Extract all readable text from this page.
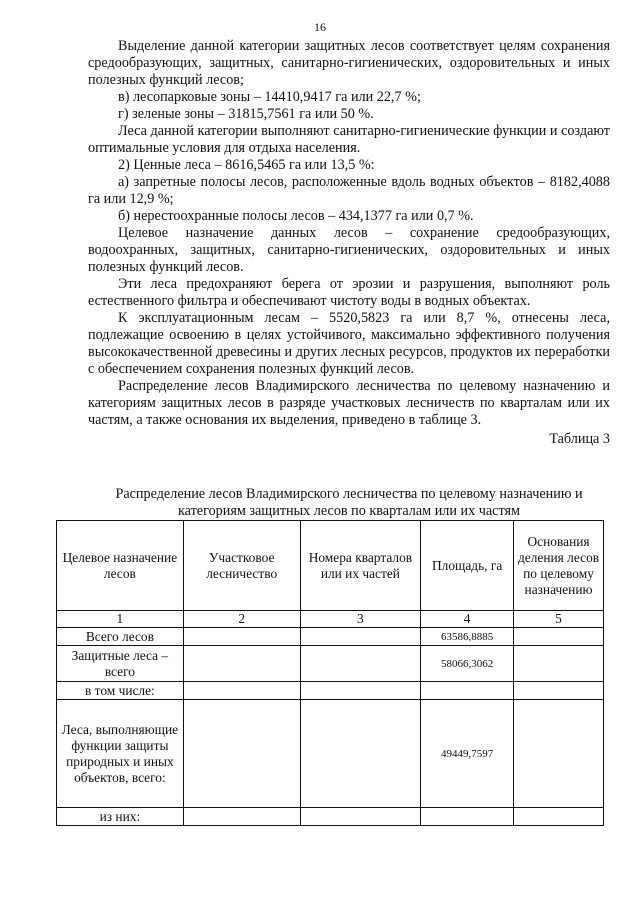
16

Выделение данной категории защитных лесов соответствует целям сохранения средообразующих, защитных, санитарно-гигиенических, оздоровительных и иных полезных функций лесов;

в) лесопарковые зоны – 14410,9417 га или 22,7 %;

г) зеленые зоны – 31815,7561 га или 50 %.

Леса данной категории выполняют санитарно-гигиенические функции и создают оптимальные условия для отдыха населения.

2) Ценные леса – 8616,5465 га или 13,5 %:

а) запретные полосы лесов, расположенные вдоль водных объектов – 8182,4088 га или 12,9 %;

б) нерестоохранные полосы лесов – 434,1377 га или 0,7 %.

Целевое назначение данных лесов – сохранение средообразующих, водоохранных, защитных, санитарно-гигиенических, оздоровительных и иных полезных функций лесов.

Эти леса предохраняют берега от эрозии и разрушения, выполняют роль естественного фильтра и обеспечивают чистоту воды в водных объектах.

К эксплуатационным лесам – 5520,5823 га или 8,7 %, отнесены леса, подлежащие освоению в целях устойчивого, максимально эффективного получения высококачественной древесины и других лесных ресурсов, продуктов их переработки с обеспечением сохранения полезных функций лесов.

Распределение лесов Владимирского лесничества по целевому назначению и категориям защитных лесов в разряде участковых лесничеств по кварталам или их частям, а также основания их выделения, приведено в таблице 3.

Таблица 3
Распределение лесов Владимирского лесничества по целевому назначению и категориям защитных лесов по кварталам или их частям
Целевое назначение лесов	Участковое лесничество	Номера кварталов или их частей	Площадь, га	Основания деления лесов по целевому назначению
1	2	3	4	5
Всего лесов			63586,8885	
Защитные леса – всего			58066,3062	
в том числе:				
Леса, выполняющие функции защиты природных и иных объектов, всего:			49449,7597	
из них:				
